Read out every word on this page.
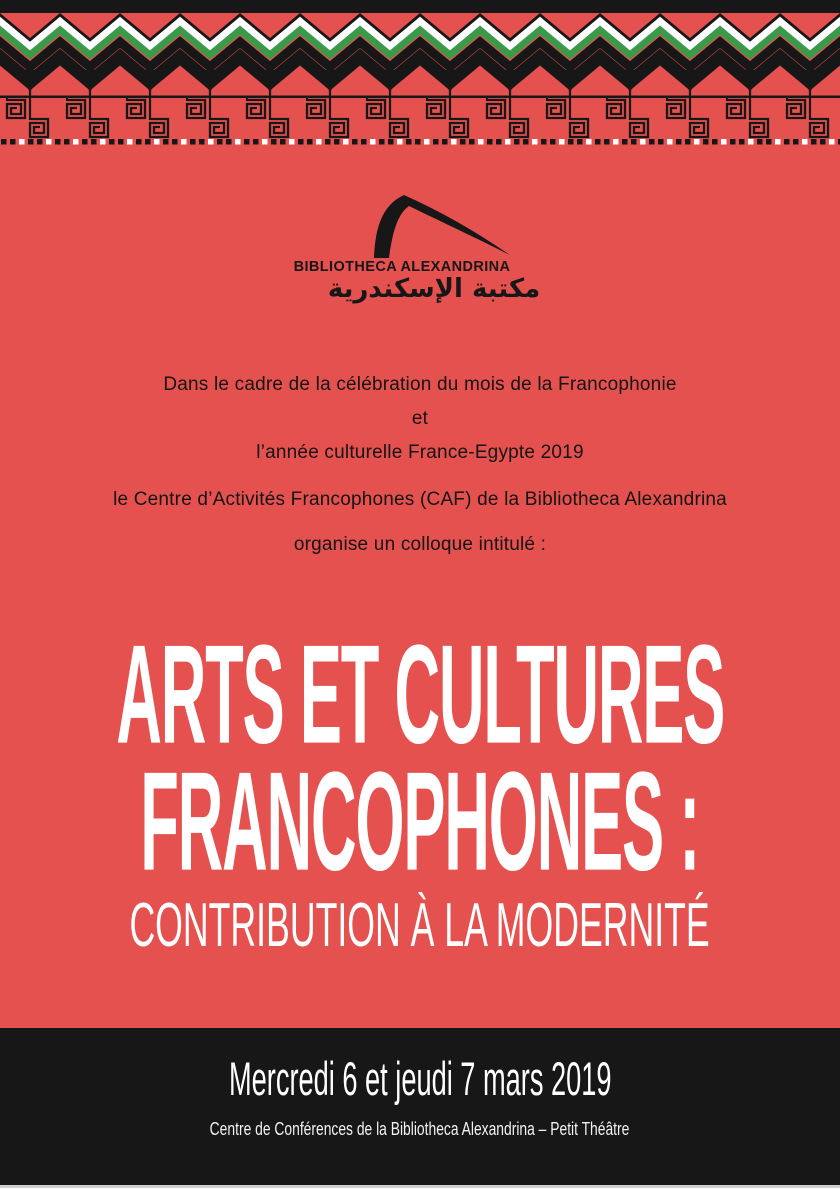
BIBLIOTHECA ALEXANDRINA
مكتبة الإسكندرية
Dans le cadre de la célébration du mois de la Francophonie
et
l’année culturelle France-Egypte 2019
le Centre d’Activités Francophones (CAF) de la Bibliotheca Alexandrina
organise un colloque intitulé :
ARTS ET CULTURES
FRANCOPHONES :
CONTRIBUTION À LA MODERNITÉ
Mercredi 6 et jeudi 7 mars 2019
Centre de Conférences de la Bibliotheca Alexandrina – Petit Théâtre
